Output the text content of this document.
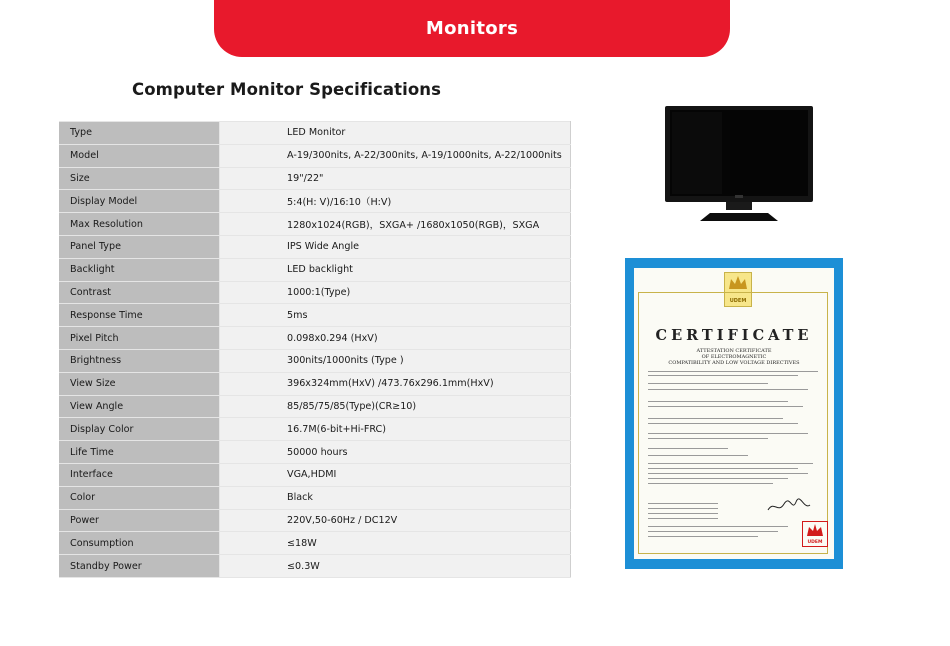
Monitors
Computer Monitor Specifications
Type	LED Monitor
Model	A-19/300nits, A-22/300nits, A-19/1000nits, A-22/1000nits
Size	19"/22"
Display Model	5:4(H: V)/16:10（H:V)
Max Resolution	1280x1024(RGB)，SXGA+ /1680x1050(RGB)，SXGA
Panel Type	IPS Wide Angle
Backlight	LED backlight
Contrast	1000:1(Type)
Response Time	5ms
Pixel Pitch	0.098x0.294 (HxV)
Brightness	300nits/1000nits (Type )
View Size	396x324mm(HxV) /473.76x296.1mm(HxV)
View Angle	85/85/75/85(Type)(CR≥10)
Display Color	16.7M(6-bit+Hi-FRC)
Life Time	50000 hours
Interface	VGA,HDMI
Color	Black
Power	220V,50-60Hz / DC12V
Consumption	≤18W
Standby Power	≤0.3W
UDEM
CERTIFICATE
ATTESTATION CERTIFICATE
OF ELECTROMAGNETIC
COMPATIBILITY AND LOW VOLTAGE DIRECTIVES
UDEM
